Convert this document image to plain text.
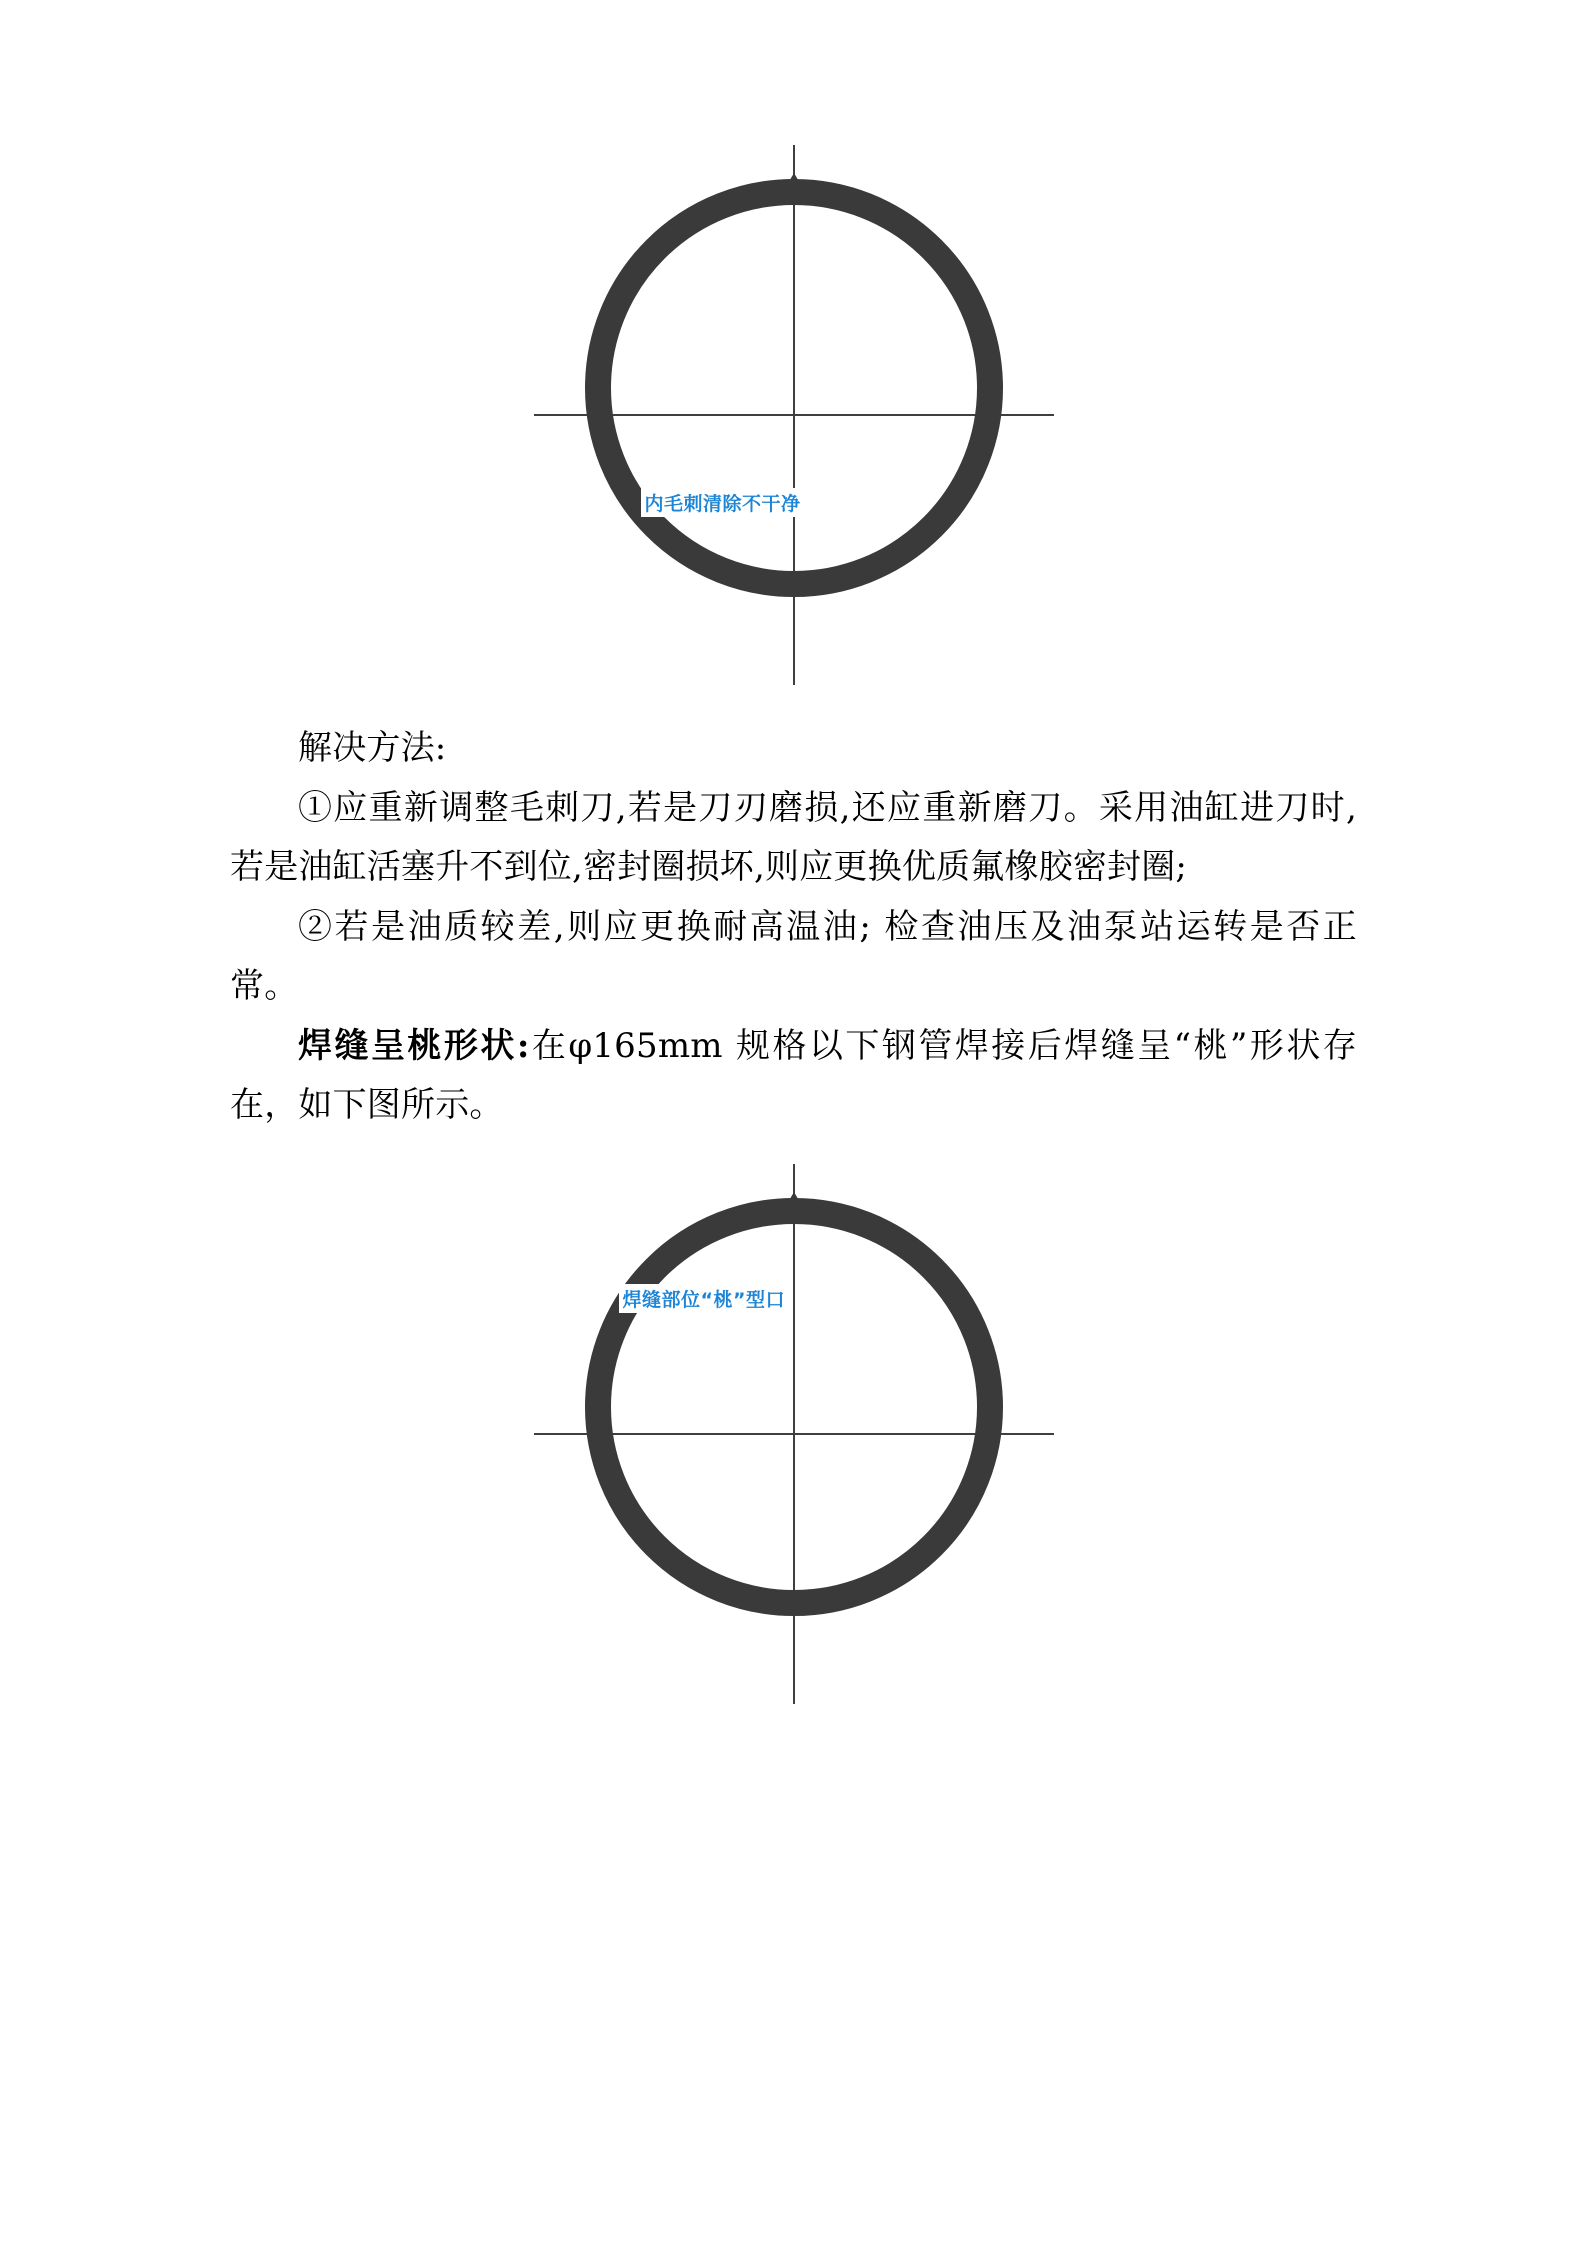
内毛刺清除不干净

解决方法:

①应重新调整毛刺刀,若是刀刃磨损,还应重新磨刀。采用油缸进刀时,若是油缸活塞升不到位,密封圈损坏,则应更换优质氟橡胶密封圈;

②若是油质较差,则应更换耐高温油; 检查油压及油泵站运转是否正常。

焊缝呈桃形状:在φ165mm 规格以下钢管焊接后焊缝呈“桃”形状存在，如下图所示。

焊缝部位“桃”型口
